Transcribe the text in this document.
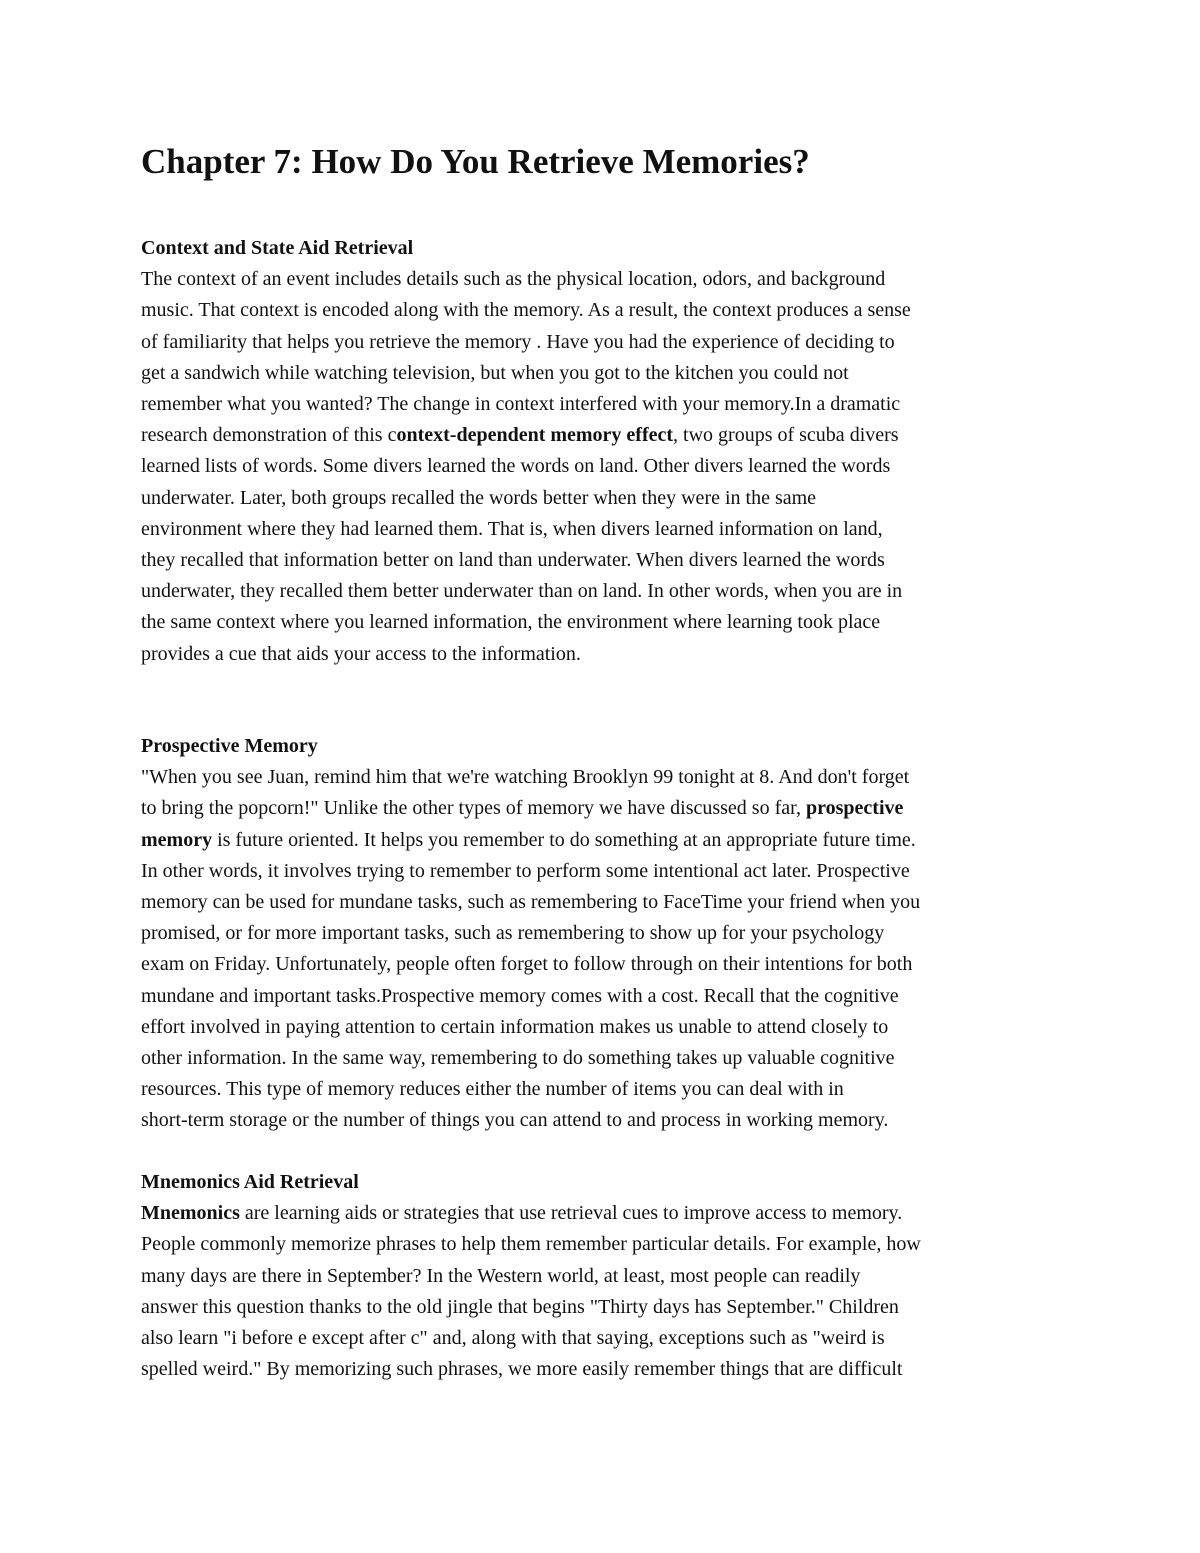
Chapter 7: How Do You Retrieve Memories?
Context and State Aid Retrieval
The context of an event includes details such as the physical location, odors, and background
music. That context is encoded along with the memory. As a result, the context produces a sense
of familiarity that helps you retrieve the memory . Have you had the experience of deciding to
get a sandwich while watching television, but when you got to the kitchen you could not
remember what you wanted? The change in context interfered with your memory.In a dramatic
research demonstration of this context-dependent memory effect, two groups of scuba divers
learned lists of words. Some divers learned the words on land. Other divers learned the words
underwater. Later, both groups recalled the words better when they were in the same
environment where they had learned them. That is, when divers learned information on land,
they recalled that information better on land than underwater. When divers learned the words
underwater, they recalled them better underwater than on land. In other words, when you are in
the same context where you learned information, the environment where learning took place
provides a cue that aids your access to the information.
Prospective Memory
"When you see Juan, remind him that we're watching Brooklyn 99 tonight at 8. And don't forget
to bring the popcorn!" Unlike the other types of memory we have discussed so far, prospective
memory is future oriented. It helps you remember to do something at an appropriate future time.
In other words, it involves trying to remember to perform some intentional act later. Prospective
memory can be used for mundane tasks, such as remembering to FaceTime your friend when you
promised, or for more important tasks, such as remembering to show up for your psychology
exam on Friday. Unfortunately, people often forget to follow through on their intentions for both
mundane and important tasks.Prospective memory comes with a cost. Recall that the cognitive
effort involved in paying attention to certain information makes us unable to attend closely to
other information. In the same way, remembering to do something takes up valuable cognitive
resources. This type of memory reduces either the number of items you can deal with in
short-term storage or the number of things you can attend to and process in working memory.
Mnemonics Aid Retrieval
Mnemonics are learning aids or strategies that use retrieval cues to improve access to memory.
People commonly memorize phrases to help them remember particular details. For example, how
many days are there in September? In the Western world, at least, most people can readily
answer this question thanks to the old jingle that begins "Thirty days has September." Children
also learn "i before e except after c" and, along with that saying, exceptions such as "weird is
spelled weird." By memorizing such phrases, we more easily remember things that are difficult
